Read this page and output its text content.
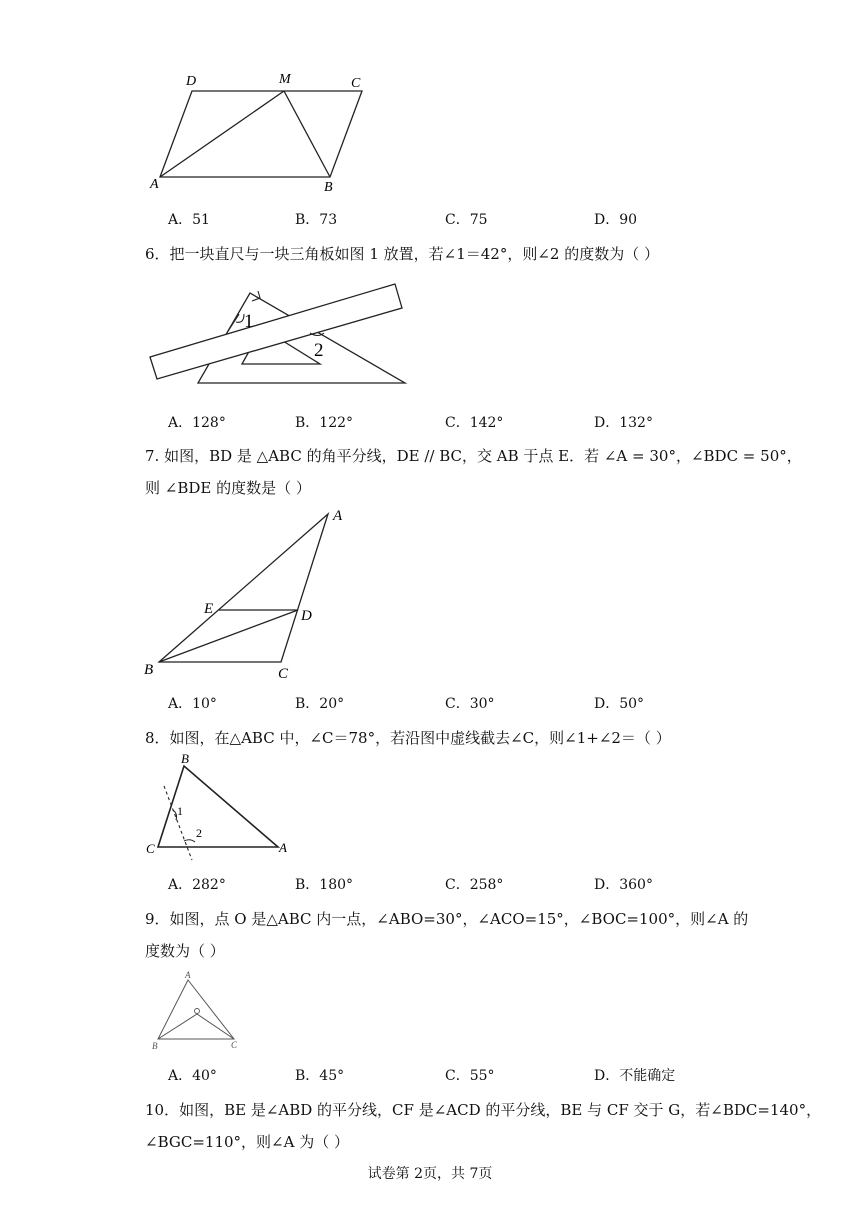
D	M	C
A	B
A．51	B．73	C．75	D．90
6．把一块直尺与一块三角板如图 1 放置，若∠1＝42°，则∠2 的度数为（ ）
1
2
A．128°	B．122°	C．142°	D．132°
7. 如图，BD 是 △ABC 的角平分线，DE // BC，交 AB 于点 E．若 ∠A = 30°，∠BDC = 50°，
则 ∠BDE 的度数是（ ）
A
E	D
B	C
A．10°	B．20°	C．30°	D．50°
8．如图，在△ABC 中，∠C＝78°，若沿图中虚线截去∠C，则∠1+∠2＝（ ）
B
C	A
1
2
A．282°	B．180°	C．258°	D．360°
9．如图，点 O 是△ABC 内一点，∠ABO=30°，∠ACO=15°，∠BOC=100°，则∠A 的
度数为（ ）
A
B	C
A．40°	B．45°	C．55°	D．不能确定
10．如图，BE 是∠ABD 的平分线，CF 是∠ACD 的平分线，BE 与 CF 交于 G，若∠BDC=140°，
∠BGC=110°，则∠A 为（ ）
试卷第 2页，共 7页
